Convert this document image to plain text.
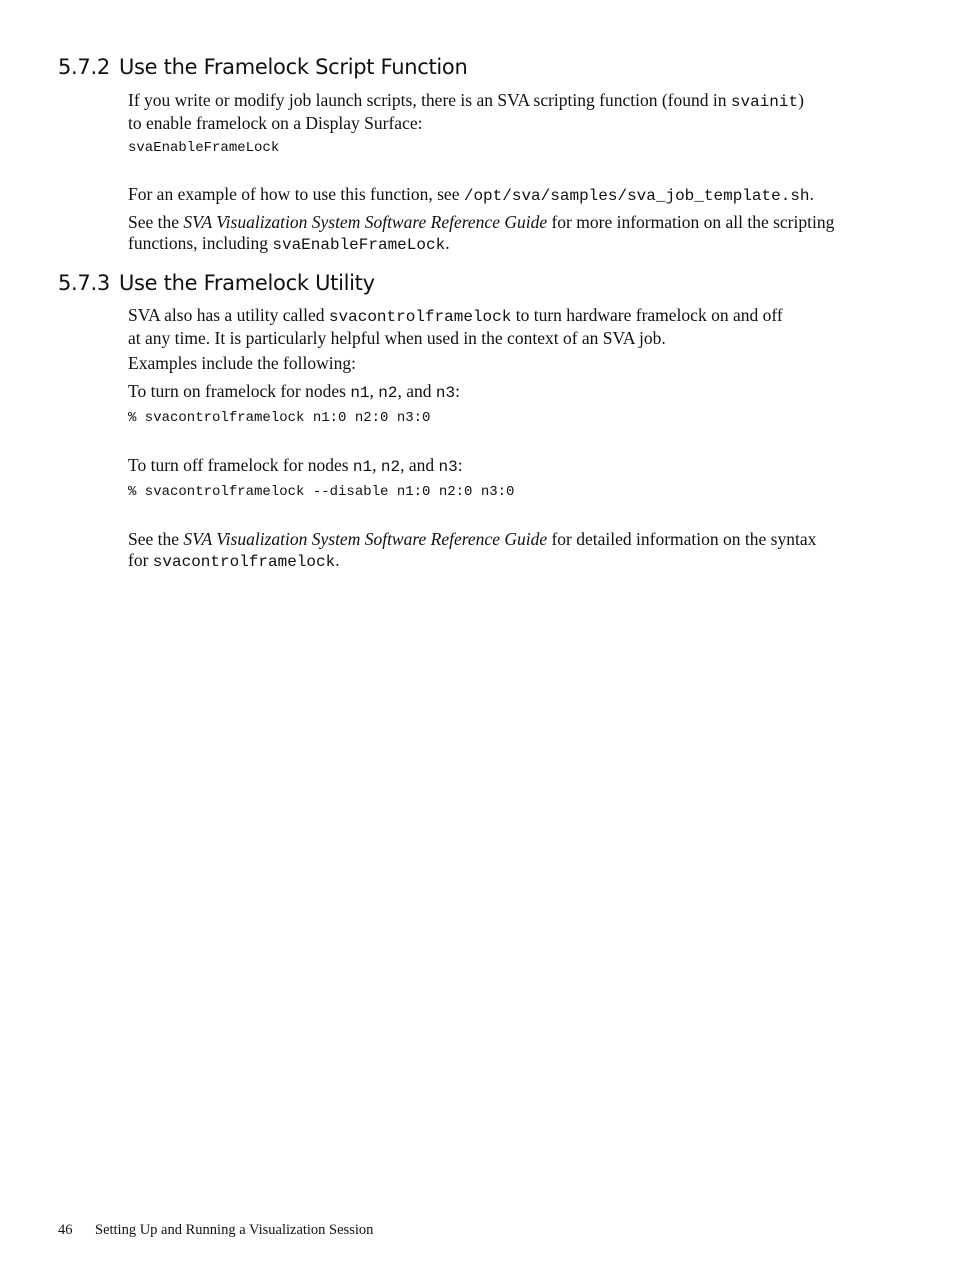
5.7.2 Use the Framelock Script Function

If you write or modify job launch scripts, there is an SVA scripting function (found in svainit)
to enable framelock on a Display Surface:

svaEnableFrameLock

For an example of how to use this function, see /opt/sva/samples/sva_job_template.sh.

See the SVA Visualization System Software Reference Guide for more information on all the scripting
functions, including svaEnableFrameLock.

5.7.3 Use the Framelock Utility

SVA also has a utility called svacontrolframelock to turn hardware framelock on and off
at any time. It is particularly helpful when used in the context of an SVA job.

Examples include the following:

To turn on framelock for nodes n1, n2, and n3:

% svacontrolframelock n1:0 n2:0 n3:0

To turn off framelock for nodes n1, n2, and n3:

% svacontrolframelock --disable n1:0 n2:0 n3:0

See the SVA Visualization System Software Reference Guide for detailed information on the syntax
for svacontrolframelock.

46 Setting Up and Running a Visualization Session
